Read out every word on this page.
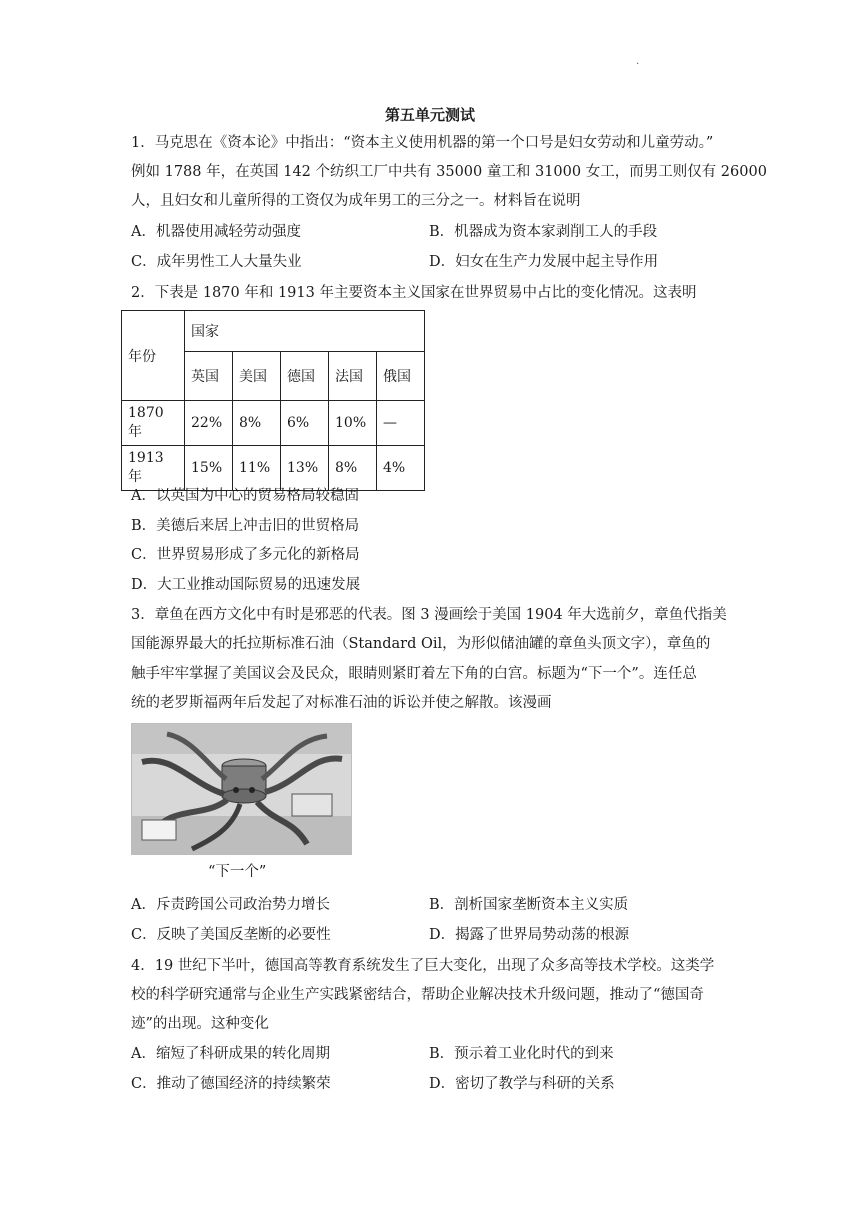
.
第五单元测试
1．马克思在《资本论》中指出：“资本主义使用机器的第一个口号是妇女劳动和儿童劳动。”
例如 1788 年，在英国 142 个纺织工厂中共有 35000 童工和 31000 女工，而男工则仅有 26000
人，且妇女和儿童所得的工资仅为成年男工的三分之一。材料旨在说明
A．机器使用减轻劳动强度	B．机器成为资本家剥削工人的手段
C．成年男性工人大量失业	D．妇女在生产力发展中起主导作用
2．下表是 1870 年和 1913 年主要资本主义国家在世界贸易中占比的变化情况。这表明
年份	国家				
	英国	美国	德国	法国	俄国
1870 年	22%	8%	6%	10%	—
1913 年	15%	11%	13%	8%	4%
A．以英国为中心的贸易格局较稳固
B．美德后来居上冲击旧的世贸格局
C．世界贸易形成了多元化的新格局
D．大工业推动国际贸易的迅速发展
3．章鱼在西方文化中有时是邪恶的代表。图 3 漫画绘于美国 1904 年大选前夕，章鱼代指美
国能源界最大的托拉斯标准石油（Standard Oil，为形似储油罐的章鱼头顶文字），章鱼的
触手牢牢掌握了美国议会及民众，眼睛则紧盯着左下角的白宫。标题为“下一个”。连任总
统的老罗斯福两年后发起了对标准石油的诉讼并使之解散。该漫画
“下一个”
A．斥责跨国公司政治势力增长	B．剖析国家垄断资本主义实质
C．反映了美国反垄断的必要性	D．揭露了世界局势动荡的根源
4．19 世纪下半叶，德国高等教育系统发生了巨大变化，出现了众多高等技术学校。这类学
校的科学研究通常与企业生产实践紧密结合，帮助企业解决技术升级问题，推动了“德国奇
迹”的出现。这种变化
A．缩短了科研成果的转化周期	B．预示着工业化时代的到来
C．推动了德国经济的持续繁荣	D．密切了教学与科研的关系
